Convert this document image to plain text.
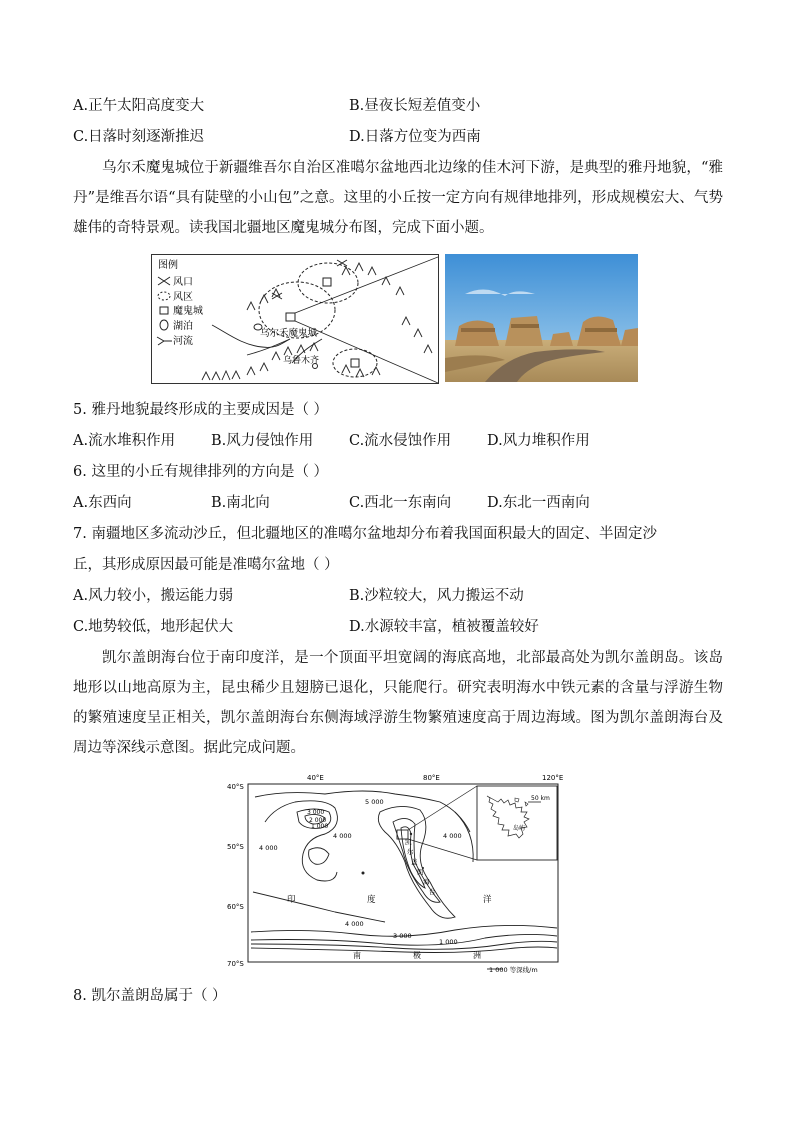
A.正午太阳高度变大	B.昼夜长短差值变小
C.日落时刻逐渐推迟	D.日落方位变为西南
乌尔禾魔鬼城位于新疆维吾尔自治区准噶尔盆地西北边缘的佳木河下游，是典型的雅丹地貌，“雅丹”是维吾尔语“具有陡壁的小山包”之意。这里的小丘按一定方向有规律地排列，形成规模宏大、气势雄伟的奇特景观。读我国北疆地区魔鬼城分布图，完成下面小题。
图例
风口
风区
魔鬼城
湖泊
河流
乌尔禾魔鬼城
乌鲁木齐
5. 雅丹地貌最终形成的主要成因是（ ）
A.流水堆积作用 B.风力侵蚀作用 C.流水侵蚀作用 D.风力堆积作用
6. 这里的小丘有规律排列的方向是（ ）
A.东西向	B.南北向	C.西北一东南向 D.东北一西南向
7. 南疆地区多流动沙丘，但北疆地区的准噶尔盆地却分布着我国面积最大的固定、半固定沙
丘，其形成原因最可能是准噶尔盆地（ ）
A.风力较小，搬运能力弱	B.沙粒较大，风力搬运不动
C.地势较低，地形起伏大	D.水源较丰富，植被覆盖较好
凯尔盖朗海台位于南印度洋，是一个顶面平坦宽阔的海底高地，北部最高处为凯尔盖朗岛。该岛地形以山地高原为主，昆虫稀少且翅膀已退化，只能爬行。研究表明海水中铁元素的含量与浮游生物的繁殖速度呈正相关，凯尔盖朗海台东侧海域浮游生物繁殖速度高于周边海域。图为凯尔盖朗海台及周边等深线示意图。据此完成问题。
40°E	80°E	120°E
40°S
50°S
60°S
70°S
5 000
3 000
2 000
1 000
4 000
4 000
4 000
3 000
1 000
4 000
印	度	洋
南	极	洲
凯
尔
盖
朗
海
台
50 km
岛屿
1 000 等深线/m
8. 凯尔盖朗岛属于（ ）
